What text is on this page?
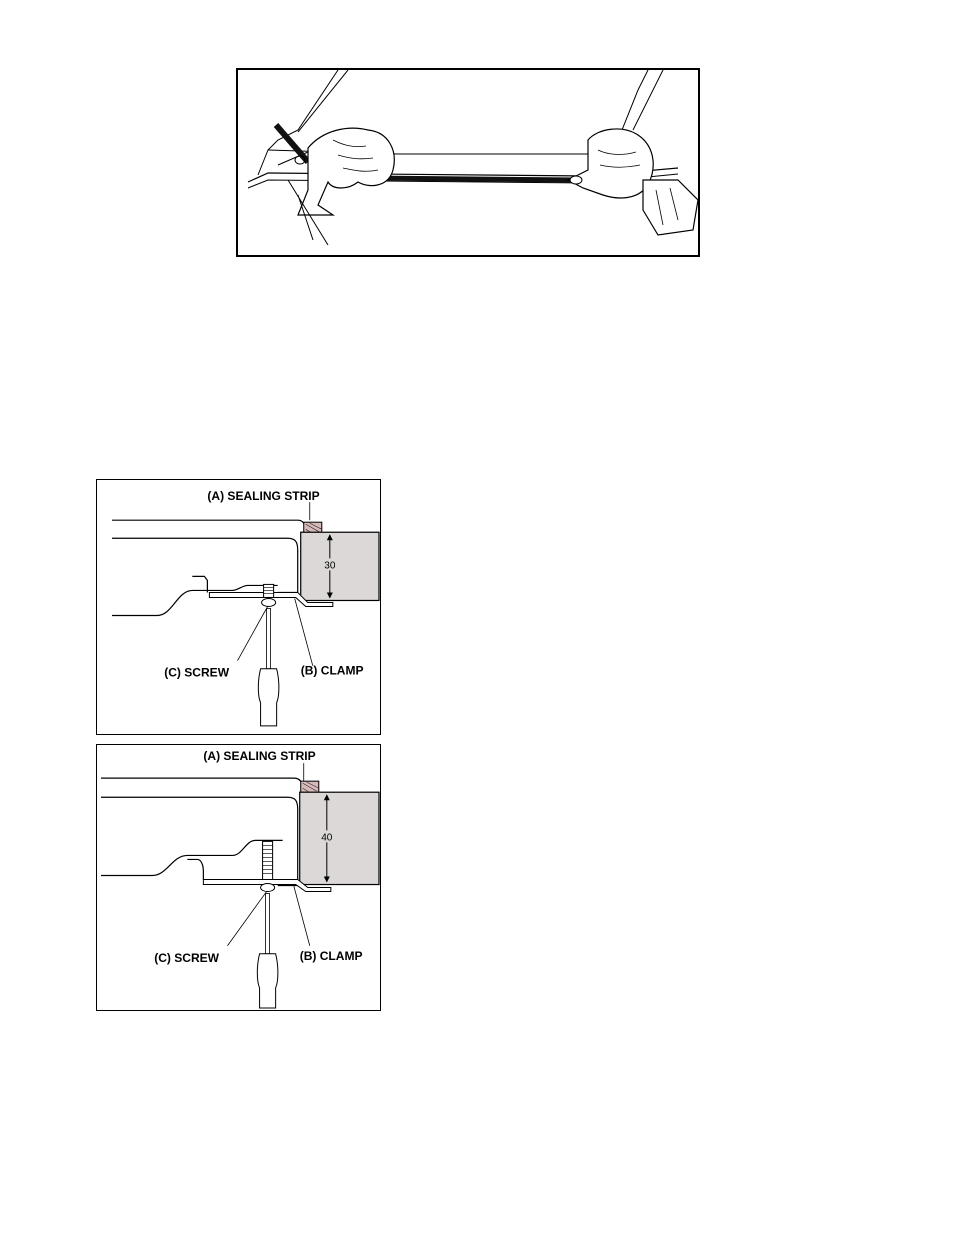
30
(A) SEALING STRIP
(C) SCREW	(B) CLAMP
40
(A) SEALING STRIP
(C) SCREW	(B) CLAMP
